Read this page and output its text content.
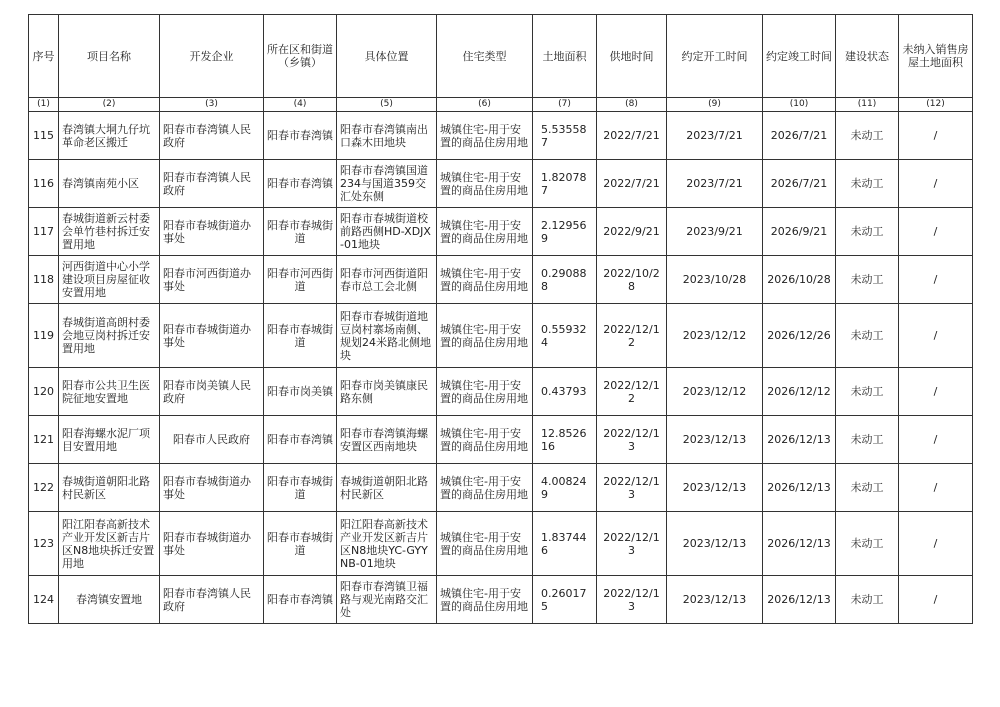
序号	项目名称	开发企业	所在区和街道（乡镇）	具体位置	住宅类型	土地面积	供地时间	约定开工时间	约定竣工时间	建设状态	未纳入销售房屋土地面积
(1)	(2)	(3)	(4)	(5)	(6)	(7)	(8)	(9)	(10)	(11)	(12)
115	春湾镇大垌九仔坑革命老区搬迁	阳春市春湾镇人民政府	阳春市春湾镇	阳春市春湾镇南出口森木田地块	城镇住宅-用于安置的商品住房用地	5.535587	2022/7/21	2023/7/21	2026/7/21	未动工	/
116	春湾镇南苑小区	阳春市春湾镇人民政府	阳春市春湾镇	阳春市春湾镇国道234与国道359交汇处东侧	城镇住宅-用于安置的商品住房用地	1.820787	2022/7/21	2023/7/21	2026/7/21	未动工	/
117	春城街道新云村委会单竹巷村拆迁安置用地	阳春市春城街道办事处	阳春市春城街道	阳春市春城街道校前路西侧HD-XDJX-01地块	城镇住宅-用于安置的商品住房用地	2.129569	2022/9/21	2023/9/21	2026/9/21	未动工	/
118	河西街道中心小学建设项目房屋征收安置用地	阳春市河西街道办事处	阳春市河西街道	阳春市河西街道阳春市总工会北侧	城镇住宅-用于安置的商品住房用地	0.290888	2022/10/28	2023/10/28	2026/10/28	未动工	/
119	春城街道高朗村委会地豆岗村拆迁安置用地	阳春市春城街道办事处	阳春市春城街道	阳春市春城街道地豆岗村寨场南侧、规划24米路北侧地块	城镇住宅-用于安置的商品住房用地	0.559324	2022/12/12	2023/12/12	2026/12/26	未动工	/
120	阳春市公共卫生医院征地安置地	阳春市岗美镇人民政府	阳春市岗美镇	阳春市岗美镇康民路东侧	城镇住宅-用于安置的商品住房用地	0.43793	2022/12/12	2023/12/12	2026/12/12	未动工	/
121	阳春海螺水泥厂项目安置用地	阳春市人民政府	阳春市春湾镇	阳春市春湾镇海螺安置区西南地块	城镇住宅-用于安置的商品住房用地	12.852616	2022/12/13	2023/12/13	2026/12/13	未动工	/
122	春城街道朝阳北路村民新区	阳春市春城街道办事处	阳春市春城街道	春城街道朝阳北路村民新区	城镇住宅-用于安置的商品住房用地	4.008249	2022/12/13	2023/12/13	2026/12/13	未动工	/
123	阳江阳春高新技术产业开发区新吉片区N8地块拆迁安置用地	阳春市春城街道办事处	阳春市春城街道	阳江阳春高新技术产业开发区新吉片区N8地块YC-GYYNB-01地块	城镇住宅-用于安置的商品住房用地	1.837446	2022/12/13	2023/12/13	2026/12/13	未动工	/
124	春湾镇安置地	阳春市春湾镇人民政府	阳春市春湾镇	阳春市春湾镇卫福路与观光南路交汇处	城镇住宅-用于安置的商品住房用地	0.260175	2022/12/13	2023/12/13	2026/12/13	未动工	/
